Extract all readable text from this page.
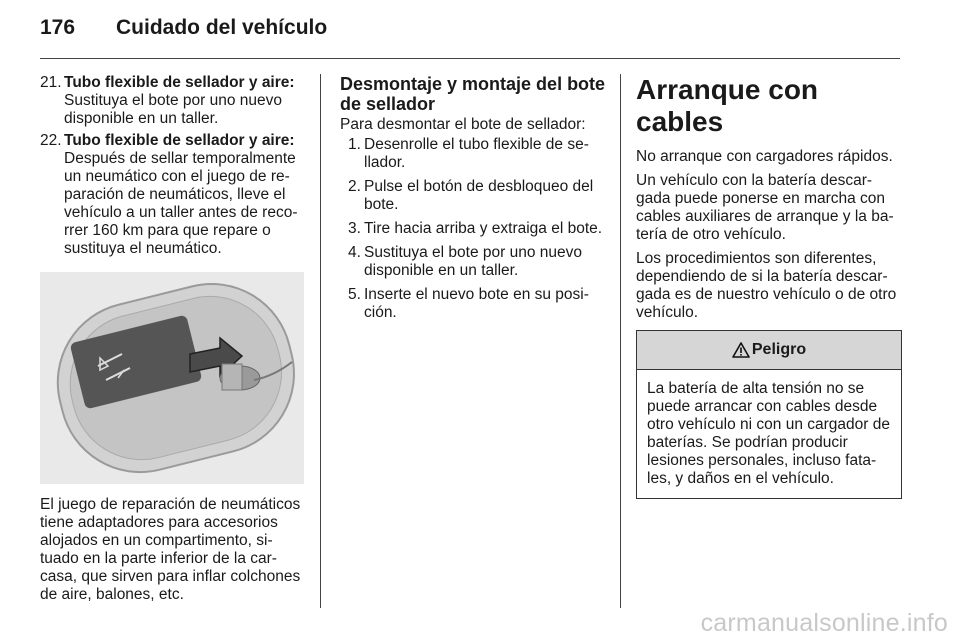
176 Cuidado del vehículo
21. Tubo flexible de sellador y aire:
Sustituya el bote por uno nuevo disponible en un taller.
22. Tubo flexible de sellador y aire:
Después de sellar temporalmente un neumático con el juego de re-paración de neumáticos, lleve el vehículo a un taller antes de reco-rrer 160 km para que repare o sustituya el neumático.
El juego de reparación de neumáticos tiene adaptadores para accesorios alojados en un compartimento, si-tuado en la parte inferior de la car-casa, que sirven para inflar colchones de aire, balones, etc.
Desmontaje y montaje del bote de sellador
Para desmontar el bote de sellador:
1. Desenrolle el tubo flexible de se-llador.
2. Pulse el botón de desbloqueo del bote.
3. Tire hacia arriba y extraiga el bote.
4. Sustituya el bote por uno nuevo disponible en un taller.
5. Inserte el nuevo bote en su posi-ción.
Arranque con cables

No arranque con cargadores rápidos.

Un vehículo con la batería descar-gada puede ponerse en marcha con cables auxiliares de arranque y la ba-tería de otro vehículo.

Los procedimientos son diferentes, dependiendo de si la batería descar-gada es de nuestro vehículo o de otro vehículo.

Peligro
La batería de alta tensión no se puede arrancar con cables desde otro vehículo ni con un cargador de baterías. Se podrían producir lesiones personales, incluso fata-les, y daños en el vehículo.
carmanualsonline.info
